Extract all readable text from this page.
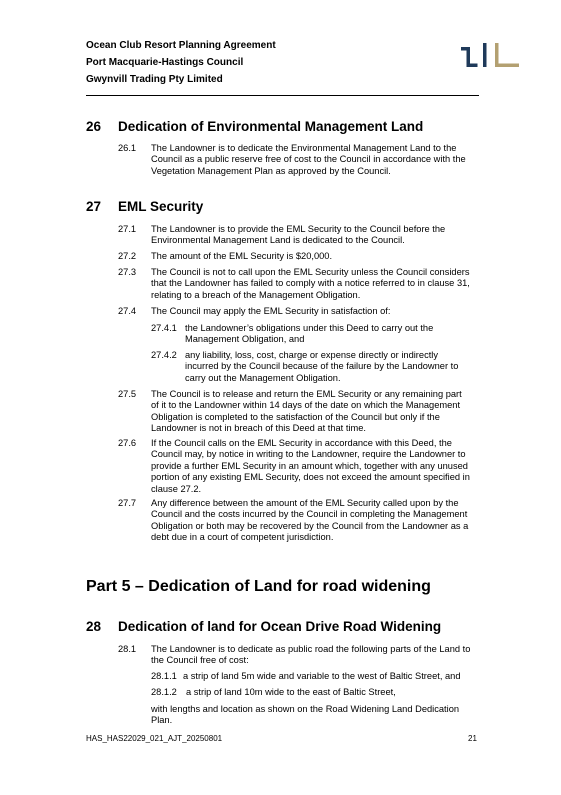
Ocean Club Resort Planning Agreement
Port Macquarie-Hastings Council
Gwynvill Trading Pty Limited
26 Dedication of Environmental Management Land
26.1 The Landowner is to dedicate the Environmental Management Land to the
Council as a public reserve free of cost to the Council in accordance with the
Vegetation Management Plan as approved by the Council.
27 EML Security
27.1 The Landowner is to provide the EML Security to the Council before the
Environmental Management Land is dedicated to the Council.
27.2 The amount of the EML Security is $20,000.
27.3 The Council is not to call upon the EML Security unless the Council considers
that the Landowner has failed to comply with a notice referred to in clause 31,
relating to a breach of the Management Obligation.
27.4 The Council may apply the EML Security in satisfaction of:
27.4.1 the Landowner’s obligations under this Deed to carry out the
Management Obligation, and
27.4.2 any liability, loss, cost, charge or expense directly or indirectly
incurred by the Council because of the failure by the Landowner to
carry out the Management Obligation.
27.5 The Council is to release and return the EML Security or any remaining part
of it to the Landowner within 14 days of the date on which the Management
Obligation is completed to the satisfaction of the Council but only if the
Landowner is not in breach of this Deed at that time.
27.6 If the Council calls on the EML Security in accordance with this Deed, the
Council may, by notice in writing to the Landowner, require the Landowner to
provide a further EML Security in an amount which, together with any unused
portion of any existing EML Security, does not exceed the amount specified in
clause 27.2.
27.7 Any difference between the amount of the EML Security called upon by the
Council and the costs incurred by the Council in completing the Management
Obligation or both may be recovered by the Council from the Landowner as a
debt due in a court of competent jurisdiction.
Part 5 – Dedication of Land for road widening
28 Dedication of land for Ocean Drive Road Widening
28.1 The Landowner is to dedicate as public road the following parts of the Land to
the Council free of cost:
28.1.1 a strip of land 5m wide and variable to the west of Baltic Street, and
28.1.2 a strip of land 10m wide to the east of Baltic Street,
with lengths and location as shown on the Road Widening Land Dedication
Plan.
HAS_HAS22029_021_AJT_20250801	21
